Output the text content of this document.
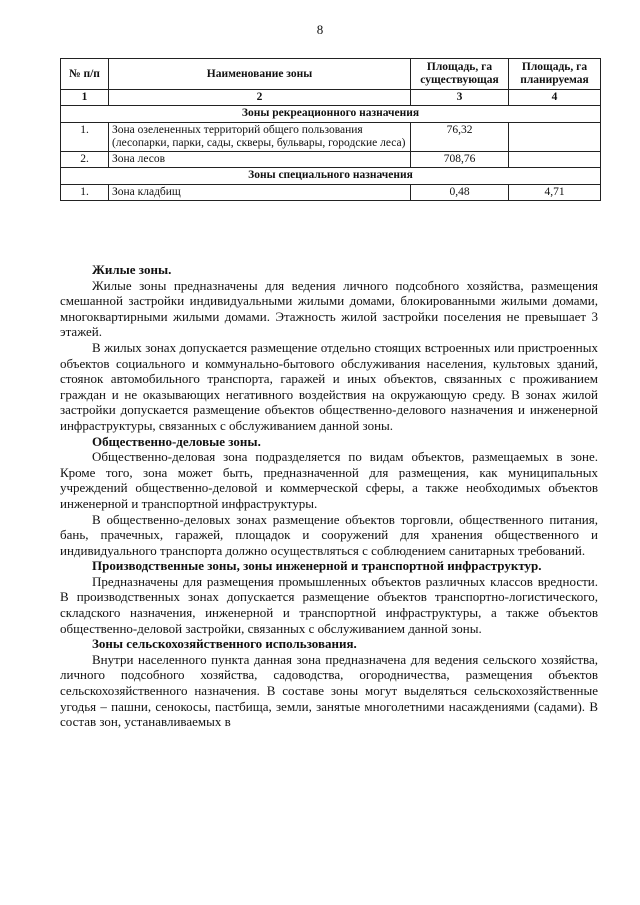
8
№ п/п	Наименование зоны	Площадь, га существующая	Площадь, га планируемая
1	2	3	4
Зоны рекреационного назначения			
1.	Зона озелененных территорий общего пользования (лесопарки, парки, сады, скверы, бульвары, городские леса)	76,32	
2.	Зона лесов	708,76	
Зоны специального назначения			
1.	Зона кладбищ	0,48	4,71

Жилые зоны.

Жилые зоны предназначены для ведения личного подсобного хозяйства, размещения смешанной застройки индивидуальными жилыми домами, блокированными жилыми домами, многоквартирными жилыми домами. Этажность жилой застройки поселения не превышает 3 этажей.

В жилых зонах допускается размещение отдельно стоящих встроенных или пристроенных объектов социального и коммунально-бытового обслуживания населения, культовых зданий, стоянок автомобильного транспорта, гаражей и иных объектов, связанных с проживанием граждан и не оказывающих негативного воздействия на окружающую среду. В зонах жилой застройки допускается размещение объектов общественно-делового назначения и инженерной инфраструктуры, связанных с обслуживанием данной зоны.

Общественно-деловые зоны.

Общественно-деловая зона подразделяется по видам объектов, размещаемых в зоне. Кроме того, зона может быть, предназначенной для размещения, как муниципальных учреждений общественно-деловой и коммерческой сферы, а также необходимых объектов инженерной и транспортной инфраструктуры.

В общественно-деловых зонах размещение объектов торговли, общественного питания, бань, прачечных, гаражей, площадок и сооружений для хранения общественного и индивидуального транспорта должно осуществляться с соблюдением санитарных требований.

Производственные зоны, зоны инженерной и транспортной инфраструктур.

Предназначены для размещения промышленных объектов различных классов вредности. В производственных зонах допускается размещение объектов транспортно-логистического, складского назначения, инженерной и транспортной инфраструктуры, а также объектов общественно-деловой застройки, связанных с обслуживанием данной зоны.

Зоны сельскохозяйственного использования.

Внутри населенного пункта данная зона предназначена для ведения сельского хозяйства, личного подсобного хозяйства, садоводства, огородничества, размещения объектов сельскохозяйственного назначения. В составе зоны могут выделяться сельскохозяйственные угодья – пашни, сенокосы, пастбища, земли, занятые многолетними насаждениями (садами). В состав зон, устанавливаемых в
